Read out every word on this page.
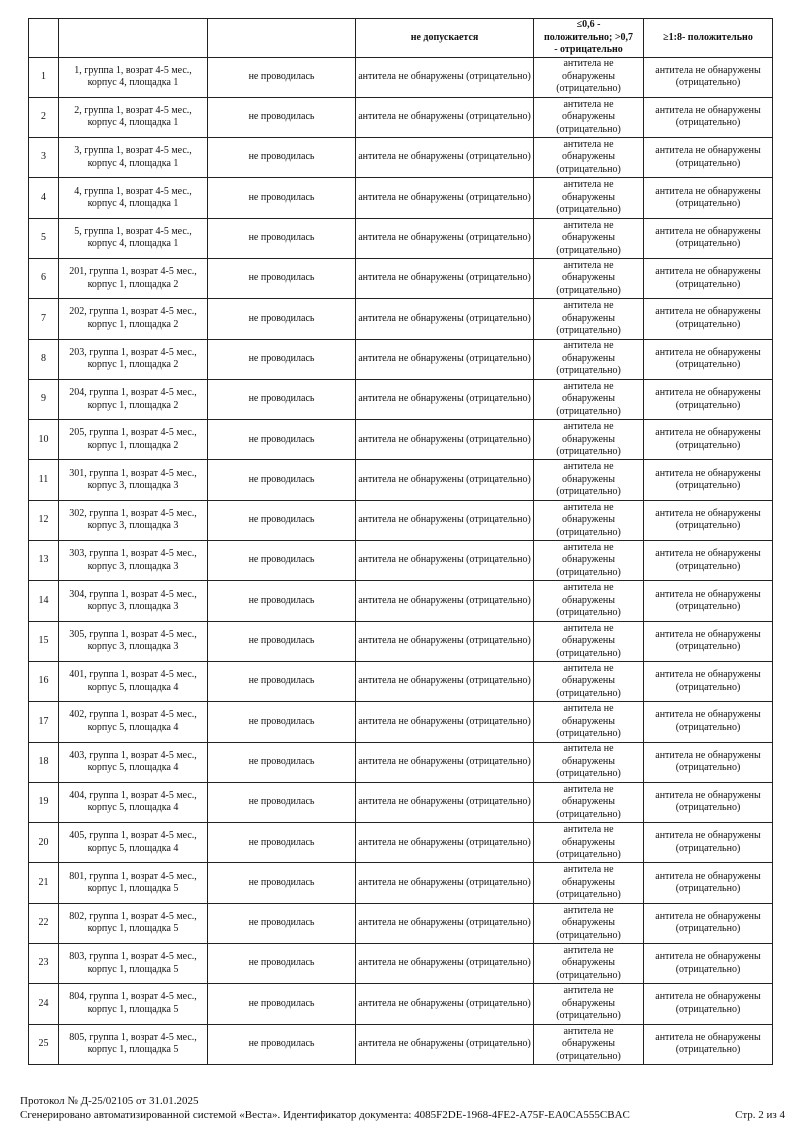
			не допускается	≤0,6 - положительно; >0,7 - отрицательно	≥1:8- положительно
1	1, группа 1, возрат 4-5 мес., корпус 4, площадка 1	не проводилась	антитела не обнаружены (отрицательно)	антитела не обнаружены (отрицательно)	антитела не обнаружены (отрицательно)
2	2, группа 1, возрат 4-5 мес., корпус 4, площадка 1	не проводилась	антитела не обнаружены (отрицательно)	антитела не обнаружены (отрицательно)	антитела не обнаружены (отрицательно)
3	3, группа 1, возрат 4-5 мес., корпус 4, площадка 1	не проводилась	антитела не обнаружены (отрицательно)	антитела не обнаружены (отрицательно)	антитела не обнаружены (отрицательно)
4	4, группа 1, возрат 4-5 мес., корпус 4, площадка 1	не проводилась	антитела не обнаружены (отрицательно)	антитела не обнаружены (отрицательно)	антитела не обнаружены (отрицательно)
5	5, группа 1, возрат 4-5 мес., корпус 4, площадка 1	не проводилась	антитела не обнаружены (отрицательно)	антитела не обнаружены (отрицательно)	антитела не обнаружены (отрицательно)
6	201, группа 1, возрат 4-5 мес., корпус 1, площадка 2	не проводилась	антитела не обнаружены (отрицательно)	антитела не обнаружены (отрицательно)	антитела не обнаружены (отрицательно)
7	202, группа 1, возрат 4-5 мес., корпус 1, площадка 2	не проводилась	антитела не обнаружены (отрицательно)	антитела не обнаружены (отрицательно)	антитела не обнаружены (отрицательно)
8	203, группа 1, возрат 4-5 мес., корпус 1, площадка 2	не проводилась	антитела не обнаружены (отрицательно)	антитела не обнаружены (отрицательно)	антитела не обнаружены (отрицательно)
9	204, группа 1, возрат 4-5 мес., корпус 1, площадка 2	не проводилась	антитела не обнаружены (отрицательно)	антитела не обнаружены (отрицательно)	антитела не обнаружены (отрицательно)
10	205, группа 1, возрат 4-5 мес., корпус 1, площадка 2	не проводилась	антитела не обнаружены (отрицательно)	антитела не обнаружены (отрицательно)	антитела не обнаружены (отрицательно)
11	301, группа 1, возрат 4-5 мес., корпус 3, площадка 3	не проводилась	антитела не обнаружены (отрицательно)	антитела не обнаружены (отрицательно)	антитела не обнаружены (отрицательно)
12	302, группа 1, возрат 4-5 мес., корпус 3, площадка 3	не проводилась	антитела не обнаружены (отрицательно)	антитела не обнаружены (отрицательно)	антитела не обнаружены (отрицательно)
13	303, группа 1, возрат 4-5 мес., корпус 3, площадка 3	не проводилась	антитела не обнаружены (отрицательно)	антитела не обнаружены (отрицательно)	антитела не обнаружены (отрицательно)
14	304, группа 1, возрат 4-5 мес., корпус 3, площадка 3	не проводилась	антитела не обнаружены (отрицательно)	антитела не обнаружены (отрицательно)	антитела не обнаружены (отрицательно)
15	305, группа 1, возрат 4-5 мес., корпус 3, площадка 3	не проводилась	антитела не обнаружены (отрицательно)	антитела не обнаружены (отрицательно)	антитела не обнаружены (отрицательно)
16	401, группа 1, возрат 4-5 мес., корпус 5, площадка 4	не проводилась	антитела не обнаружены (отрицательно)	антитела не обнаружены (отрицательно)	антитела не обнаружены (отрицательно)
17	402, группа 1, возрат 4-5 мес., корпус 5, площадка 4	не проводилась	антитела не обнаружены (отрицательно)	антитела не обнаружены (отрицательно)	антитела не обнаружены (отрицательно)
18	403, группа 1, возрат 4-5 мес., корпус 5, площадка 4	не проводилась	антитела не обнаружены (отрицательно)	антитела не обнаружены (отрицательно)	антитела не обнаружены (отрицательно)
19	404, группа 1, возрат 4-5 мес., корпус 5, площадка 4	не проводилась	антитела не обнаружены (отрицательно)	антитела не обнаружены (отрицательно)	антитела не обнаружены (отрицательно)
20	405, группа 1, возрат 4-5 мес., корпус 5, площадка 4	не проводилась	антитела не обнаружены (отрицательно)	антитела не обнаружены (отрицательно)	антитела не обнаружены (отрицательно)
21	801, группа 1, возрат 4-5 мес., корпус 1, площадка 5	не проводилась	антитела не обнаружены (отрицательно)	антитела не обнаружены (отрицательно)	антитела не обнаружены (отрицательно)
22	802, группа 1, возрат 4-5 мес., корпус 1, площадка 5	не проводилась	антитела не обнаружены (отрицательно)	антитела не обнаружены (отрицательно)	антитела не обнаружены (отрицательно)
23	803, группа 1, возрат 4-5 мес., корпус 1, площадка 5	не проводилась	антитела не обнаружены (отрицательно)	антитела не обнаружены (отрицательно)	антитела не обнаружены (отрицательно)
24	804, группа 1, возрат 4-5 мес., корпус 1, площадка 5	не проводилась	антитела не обнаружены (отрицательно)	антитела не обнаружены (отрицательно)	антитела не обнаружены (отрицательно)
25	805, группа 1, возрат 4-5 мес., корпус 1, площадка 5	не проводилась	антитела не обнаружены (отрицательно)	антитела не обнаружены (отрицательно)	антитела не обнаружены (отрицательно)
Протокол № Д-25/02105 от 31.01.2025
Сгенерировано автоматизированной системой «Веста». Идентификатор документа: 4085F2DE-1968-4FE2-A75F-EA0CA555CBAC	Стр. 2 из 4
